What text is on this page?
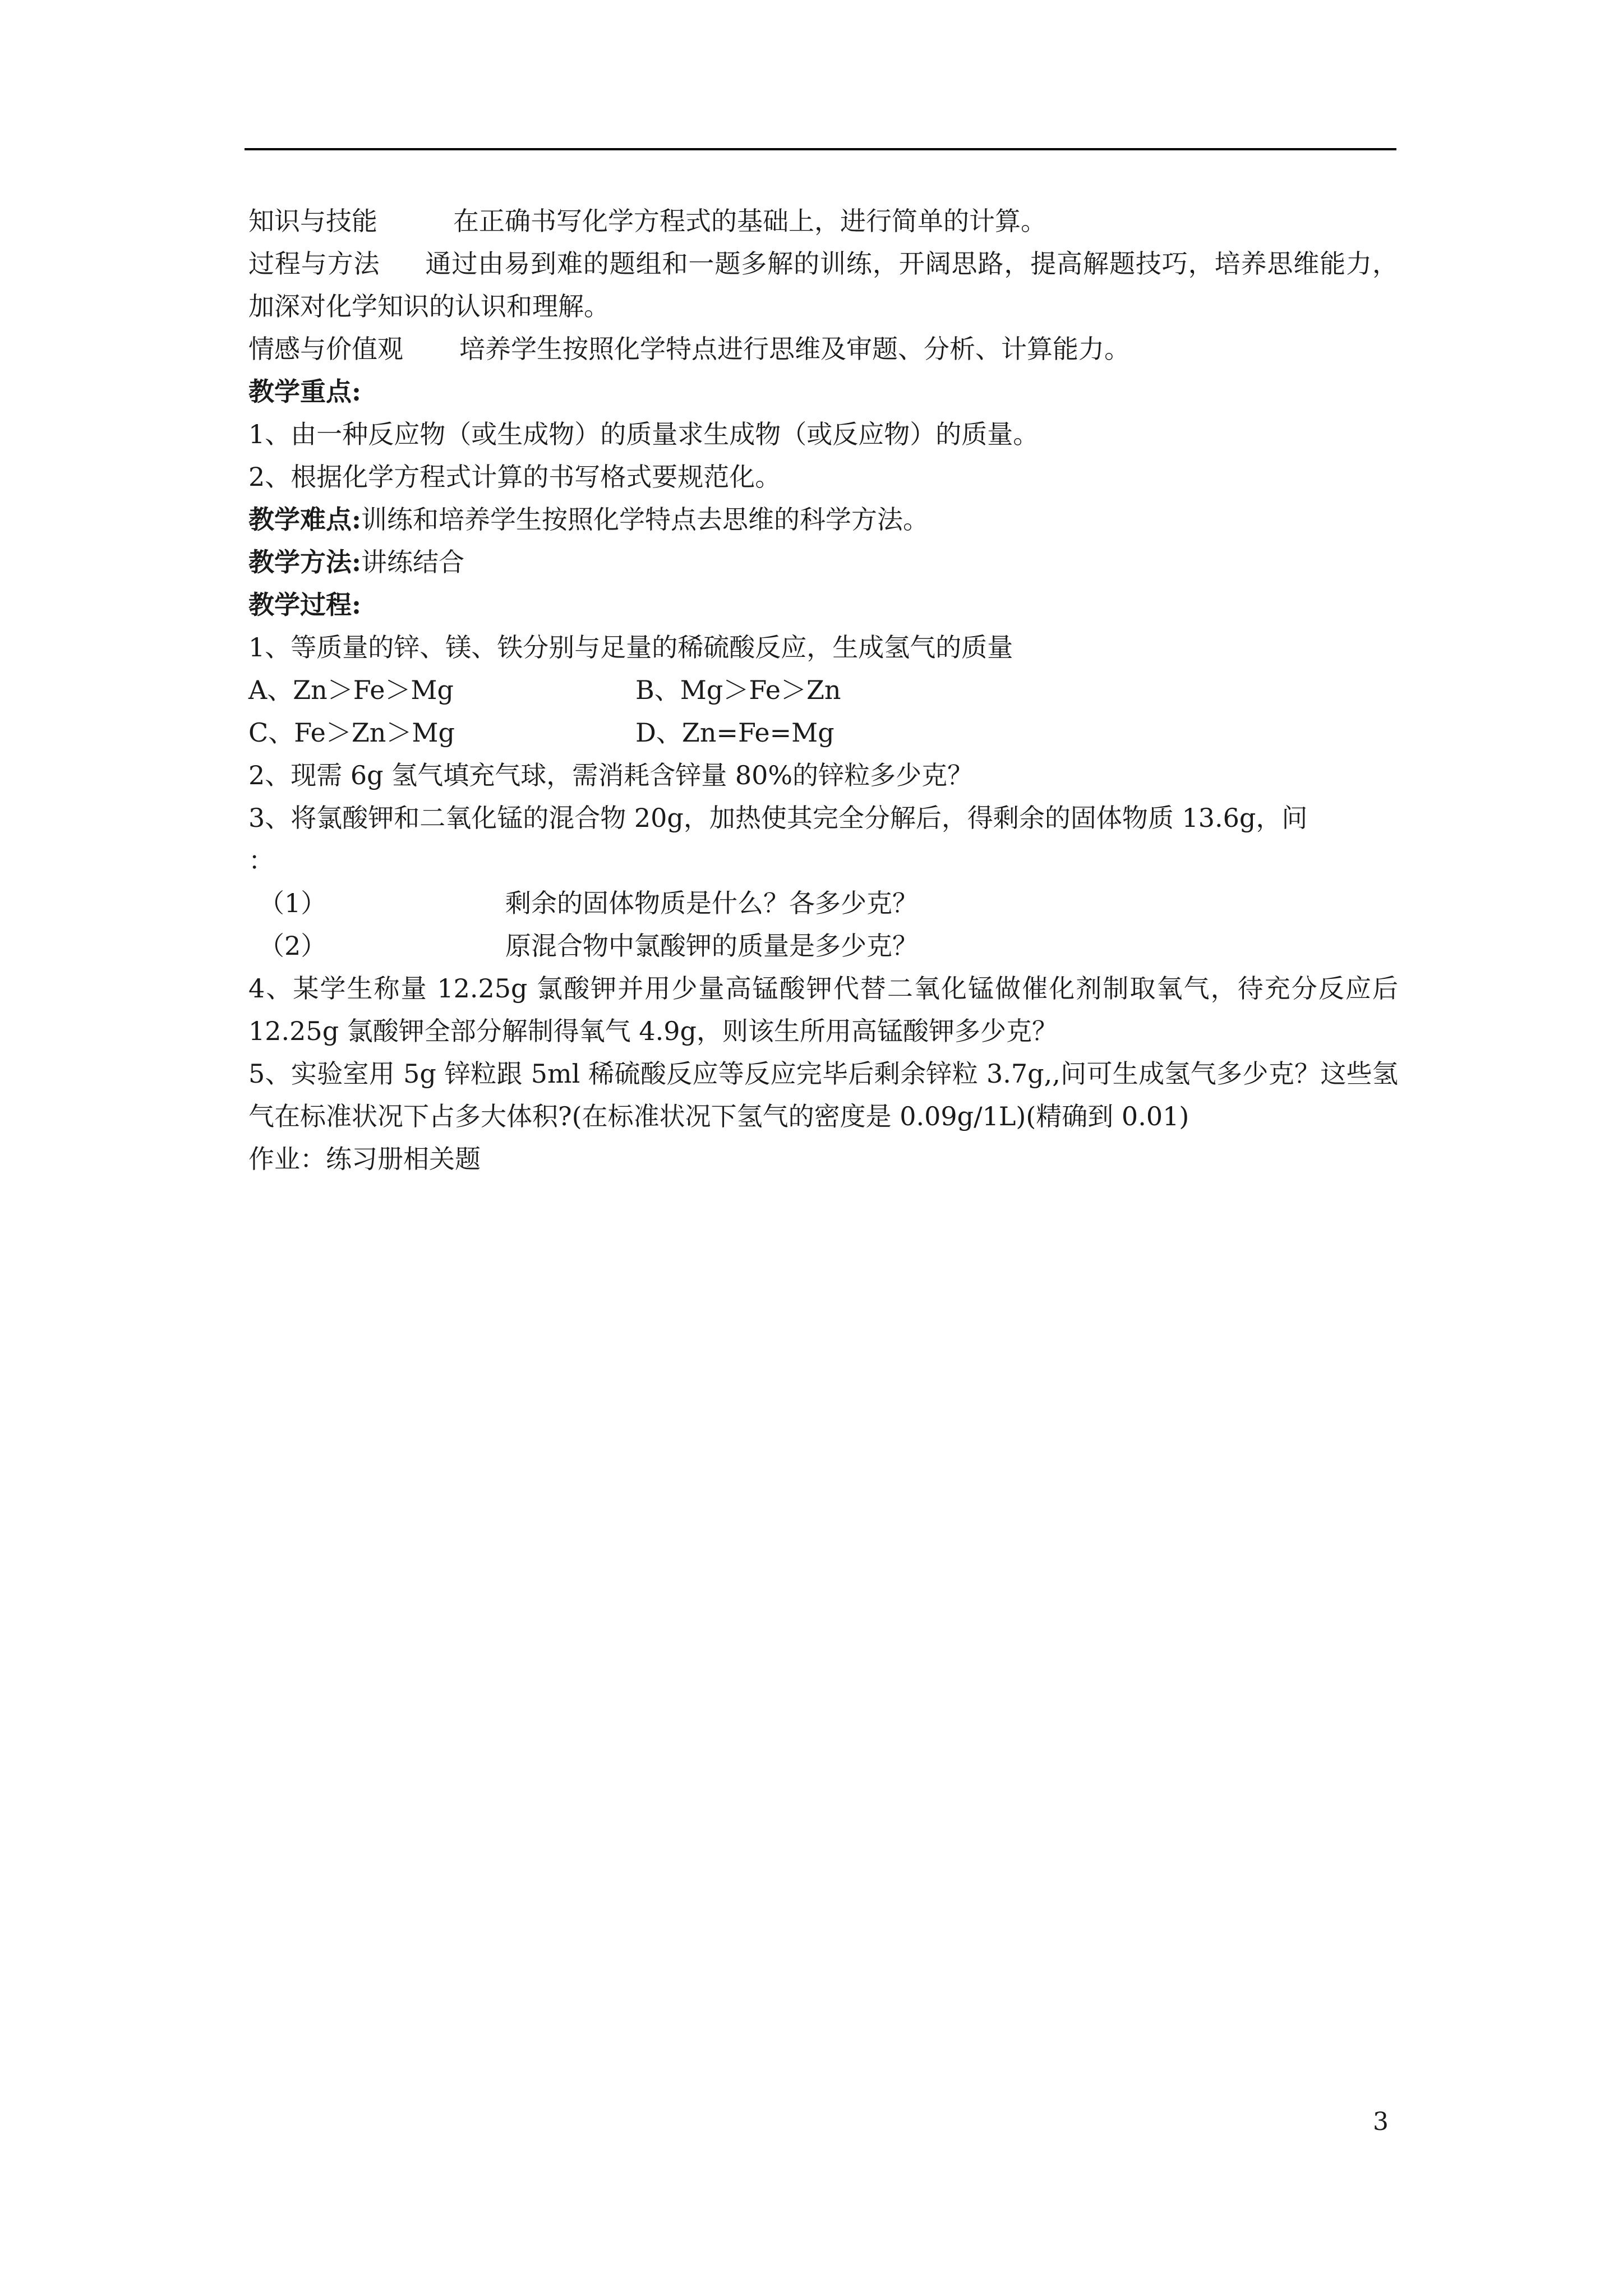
知识与技能	在正确书写化学方程式的基础上，进行简单的计算。

过程与方法 通过由易到难的题组和一题多解的训练，开阔思路，提高解题技巧，培养思维能力，加深对化学知识的认识和理解。

情感与价值观 培养学生按照化学特点进行思维及审题、分析、计算能力。

教学重点:

1、由一种反应物（或生成物）的质量求生成物（或反应物）的质量。

2、根据化学方程式计算的书写格式要规范化。

教学难点:训练和培养学生按照化学特点去思维的科学方法。

教学方法:讲练结合

教学过程:

1、等质量的锌、镁、铁分别与足量的稀硫酸反应，生成氢气的质量

A、Zn＞Fe＞Mg	B、Mg＞Fe＞Zn

C、Fe＞Zn＞Mg	D、Zn=Fe=Mg

2、现需 6g 氢气填充气球，需消耗含锌量 80%的锌粒多少克？

3、将氯酸钾和二氧化锰的混合物 20g，加热使其完全分解后，得剩余的固体物质 13.6g，问

：

（1）	剩余的固体物质是什么？各多少克？

（2）	原混合物中氯酸钾的质量是多少克？

4、某学生称量 12.25g 氯酸钾并用少量高锰酸钾代替二氧化锰做催化剂制取氧气，待充分反应后 12.25g 氯酸钾全部分解制得氧气 4.9g，则该生所用高锰酸钾多少克？

5、实验室用 5g 锌粒跟 5ml 稀硫酸反应等反应完毕后剩余锌粒 3.7g,,问可生成氢气多少克？这些氢气在标准状况下占多大体积?(在标准状况下氢气的密度是 0.09g/1L)(精确到 0.01)

作业：练习册相关题

3
